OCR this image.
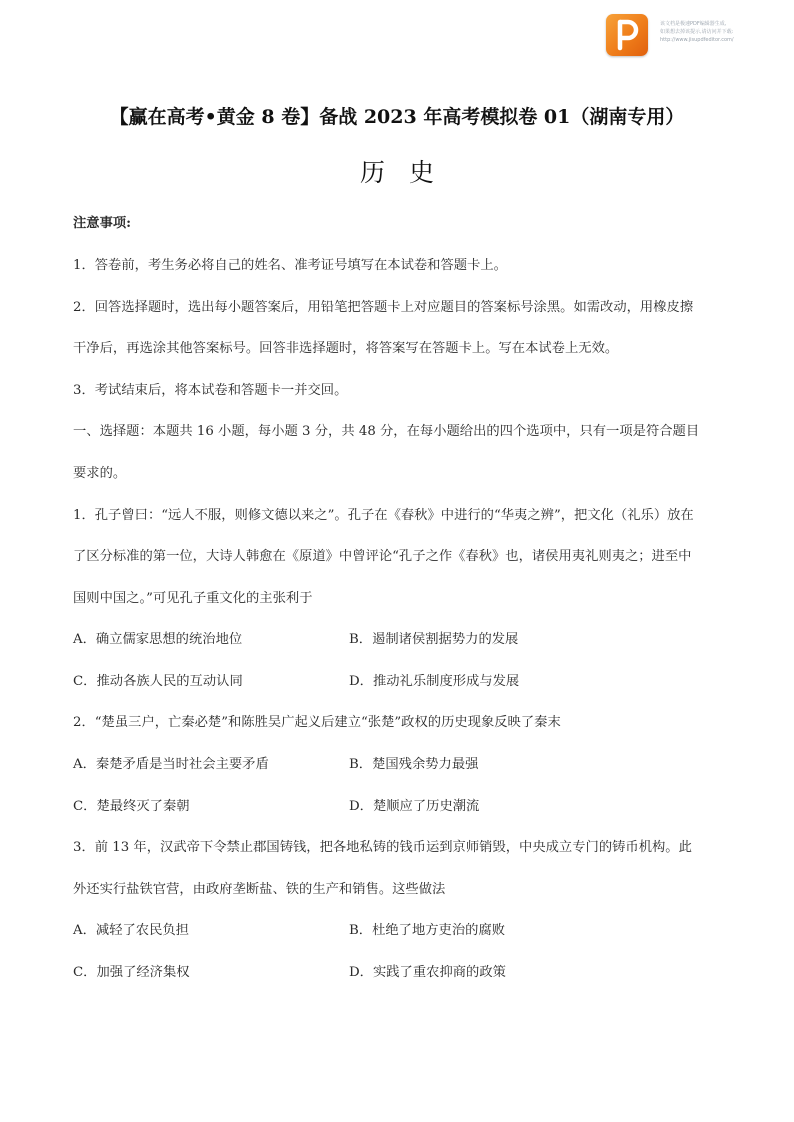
该文档是极速PDF编辑器生成,
如果想去掉该提示,请访问并下载:
http://www.jisupdfeditor.com/
【赢在高考•黄金 8 卷】备战 2023 年高考模拟卷 01（湖南专用）
历史
注意事项:
1．答卷前，考生务必将自己的姓名、准考证号填写在本试卷和答题卡上。
2．回答选择题时，选出每小题答案后，用铅笔把答题卡上对应题目的答案标号涂黑。如需改动，用橡皮擦
干净后，再选涂其他答案标号。回答非选择题时，将答案写在答题卡上。写在本试卷上无效。
3．考试结束后，将本试卷和答题卡一并交回。
一、选择题：本题共 16 小题，每小题 3 分，共 48 分，在每小题给出的四个选项中，只有一项是符合题目
要求的。
1．孔子曾曰：“远人不服，则修文德以来之”。孔子在《春秋》中进行的“华夷之辨”，把文化（礼乐）放在
了区分标准的第一位，大诗人韩愈在《原道》中曾评论“孔子之作《春秋》也，诸侯用夷礼则夷之；进至中
国则中国之。”可见孔子重文化的主张利于
A．确立儒家思想的统治地位	B．遏制诸侯割据势力的发展
C．推动各族人民的互动认同	D．推动礼乐制度形成与发展
2．“楚虽三户，亡秦必楚”和陈胜吴广起义后建立“张楚”政权的历史现象反映了秦末
A．秦楚矛盾是当时社会主要矛盾	B．楚国残余势力最强
C．楚最终灭了秦朝	D．楚顺应了历史潮流
3．前 13 年，汉武帝下令禁止郡国铸钱，把各地私铸的钱币运到京师销毁，中央成立专门的铸币机构。此
外还实行盐铁官营，由政府垄断盐、铁的生产和销售。这些做法
A．减轻了农民负担	B．杜绝了地方吏治的腐败
C．加强了经济集权	D．实践了重农抑商的政策
